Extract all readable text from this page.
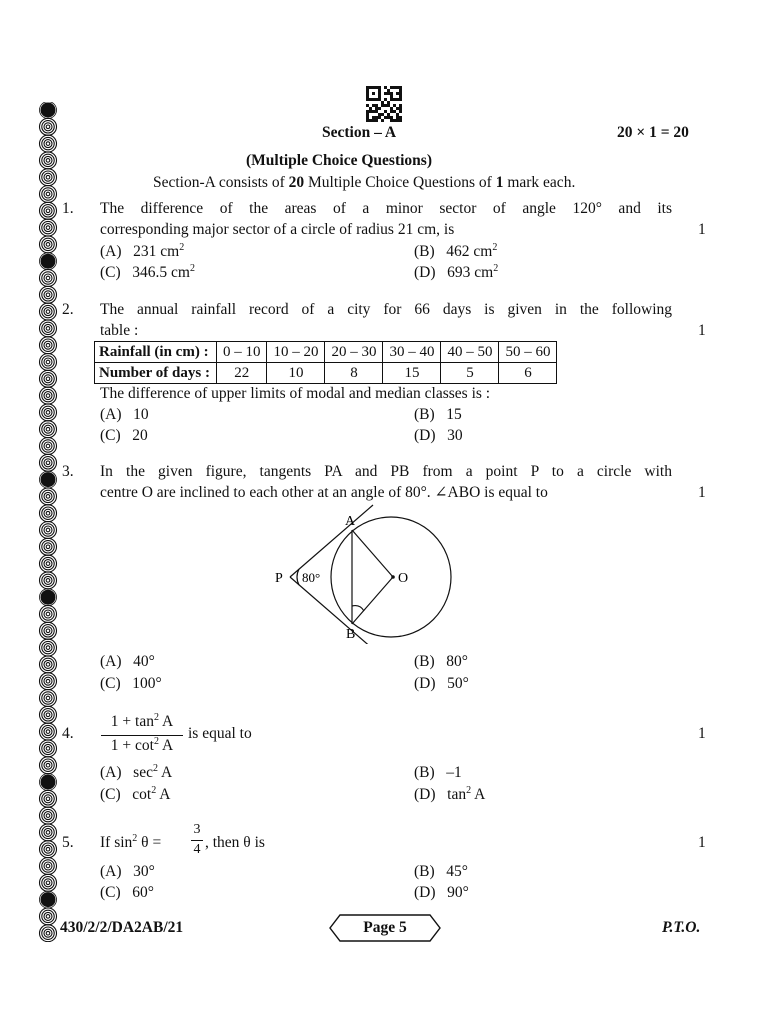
Section – A	20 × 1 = 20
(Multiple Choice Questions)
Section-A consists of 20 Multiple Choice Questions of 1 mark each.
1. The difference of the areas of a minor sector of angle 120° and its
corresponding major sector of a circle of radius 21 cm, is	1
(A) 231 $cm^2$	(B) 462 $cm^2$
(C) 346.5 $cm^2$	(D) 693 $cm^2$
2. The annual rainfall record of a city for 66 days is given in the following
table :	1
Rainfall (in cm) :	0 – 10	10 – 20	20 – 30	30 – 40	40 – 50	50 – 60
Number of days :	22	10	8	15	5	6
The difference of upper limits of modal and median classes is :
(A) 10	(B) 15
(C) 20	(D) 30
3. In the given figure, tangents PA and PB from a point P to a circle with
centre O are inclined to each other at an angle of 80°. ∠ABO is equal to	1
A
B
P	O
80°
(A) 40°	(B) 80°
(C) 100°	(D) 50°
4.
$1 + \tan^2 A$
$1 + \cot^2 A$
is equal to	1
(A) $\sec^2 A$	(B) –1
(C) $\cot^2 A$	(D) $\tan^2 A$
5. If $\sin^2 \theta$ =
3
4 , then θ is	1
(A) 30°	(B) 45°
(C) 60°	(D) 90°
430/2/2/DA2AB/21	Page 5	P.T.O.
